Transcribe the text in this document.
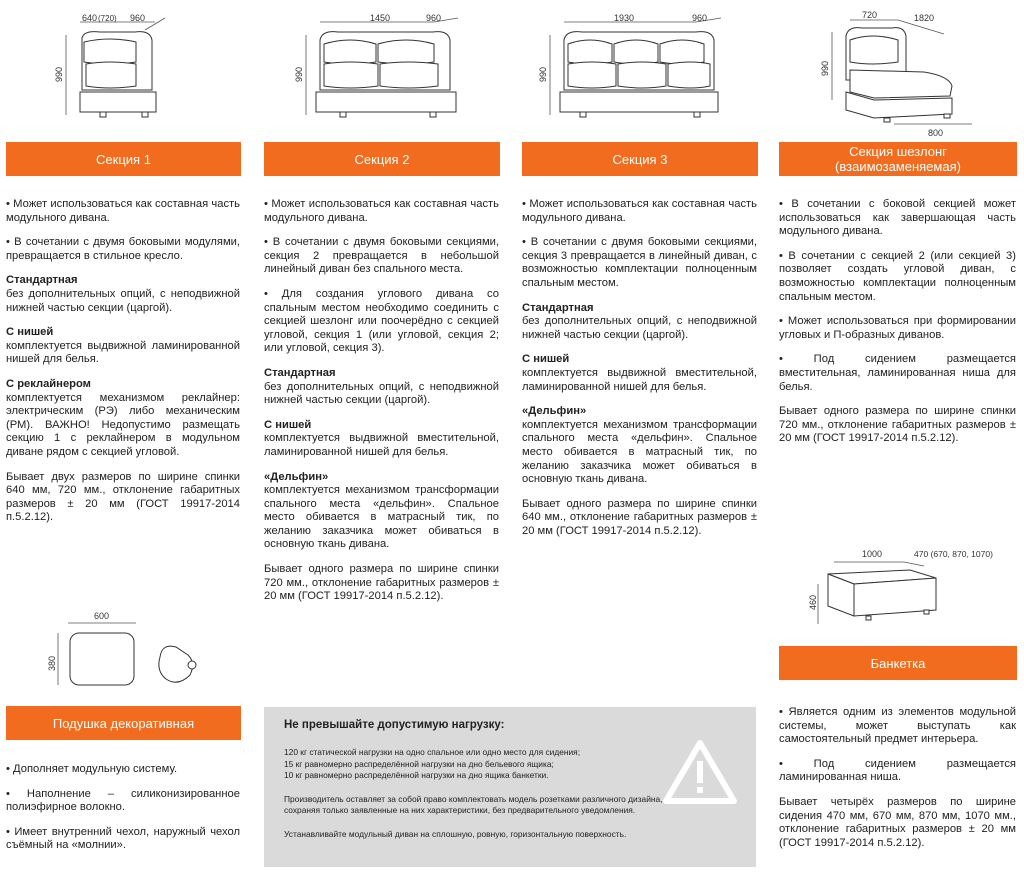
640 (720) 960
990
Секция 1

• Может использоваться как составная часть модульного дивана.

• В сочетании с двумя боковыми модулями, превращается в стильное кресло.

Стандартная

без дополнительных опций, с неподвижной нижней частью секции (царгой).

С нишей

комплектуется выдвижной ламинированной нишей для белья.

С реклайнером

комплектуется механизмом реклайнер: электрическим (РЭ) либо механическим (РМ). ВАЖНО! Недопустимо размещать секцию 1 с реклайнером в модульном диване рядом с секцией угловой.

Бывает двух размеров по ширине спинки 640 мм, 720 мм., отклонение габаритных размеров ± 20 мм (ГОСТ 19917-2014 п.5.2.12).

600
380
Подушка декоративная

• Дополняет модульную систему.

• Наполнение – силиконизированное полиэфирное волокно.

• Имеет внутренний чехол, наружный чехол съёмный на «молнии».

1450	960
990
Секция 2

• Может использоваться как составная часть модульного дивана.

• В сочетании с двумя боковыми секциями, секция 2 превращается в небольшой линейный диван без спального места.

• Для создания углового дивана со спальным местом необходимо соединить с секцией шезлонг или поочерёдно с секцией угловой, секция 1 (или угловой, секция 2; или угловой, секция 3).

Стандартная

без дополнительных опций, с неподвижной нижней частью секции (царгой).

С нишей

комплектуется выдвижной вместительной, ламинированной нишей для белья.

«Дельфин»

комплектуется механизмом трансформации спального места «дельфин». Спальное место обивается в матрасный тик, по желанию заказчика может обиваться в основную ткань дивана.

Бывает одного размера по ширине спинки 720 мм., отклонение габаритных размеров ± 20 мм (ГОСТ 19917-2014 п.5.2.12).

1930	960
990
Секция 3

• Может использоваться как составная часть модульного дивана.

• В сочетании с двумя боковыми секциями, секция 3 превращается в линейный диван, с возможностью комплектации полноценным спальным местом.

Стандартная

без дополнительных опций, с неподвижной нижней частью секции (царгой).

С нишей

комплектуется выдвижной вместительной, ламинированной нишей для белья.

«Дельфин»

комплектуется механизмом трансформации спального места «дельфин». Спальное место обивается в матрасный тик, по желанию заказчика может обиваться в основную ткань дивана.

Бывает одного размера по ширине спинки 640 мм., отклонение габаритных размеров ± 20 мм (ГОСТ 19917-2014 п.5.2.12).

720	1820
990
800
Секция шезлонг
(взаимозаменяемая)

• В сочетании с боковой секцией может использоваться как завершающая часть модульного дивана.

• В сочетании с секцией 2 (или секцией 3) позволяет создать угловой диван, с возможностью комплектации полноценным спальным местом.

• Может использоваться при формировании угловых и П-образных диванов.

• Под сидением размещается вместительная, ламинированная ниша для белья.

Бывает одного размера по ширине спинки 720 мм., отклонение габаритных размеров ± 20 мм (ГОСТ 19917-2014 п.5.2.12).

1000	470 (670, 870, 1070)
460
Банкетка

• Является одним из элементов модульной системы, может выступать как самостоятельный предмет интерьера.

• Под сидением размещается ламинированная ниша.

Бывает четырёх размеров по ширине сидения 470 мм, 670 мм, 870 мм, 1070 мм., отклонение габаритных размеров ± 20 мм (ГОСТ 19917-2014 п.5.2.12).

Не превышайте допустимую нагрузку:

120 кг статической нагрузки на одно спальное или одно место для сидения;

15 кг равномерно распределённой нагрузки на дно бельевого ящика;

10 кг равномерно распределённой нагрузки на дно ящика банкетки.

Производитель оставляет за собой право комплектовать модель розетками различного дизайна, сохраняя только заявленные на них характеристики, без предварительного уведомления.

Устанавливайте модульный диван на сплошную, ровную, горизонтальную поверхность.
